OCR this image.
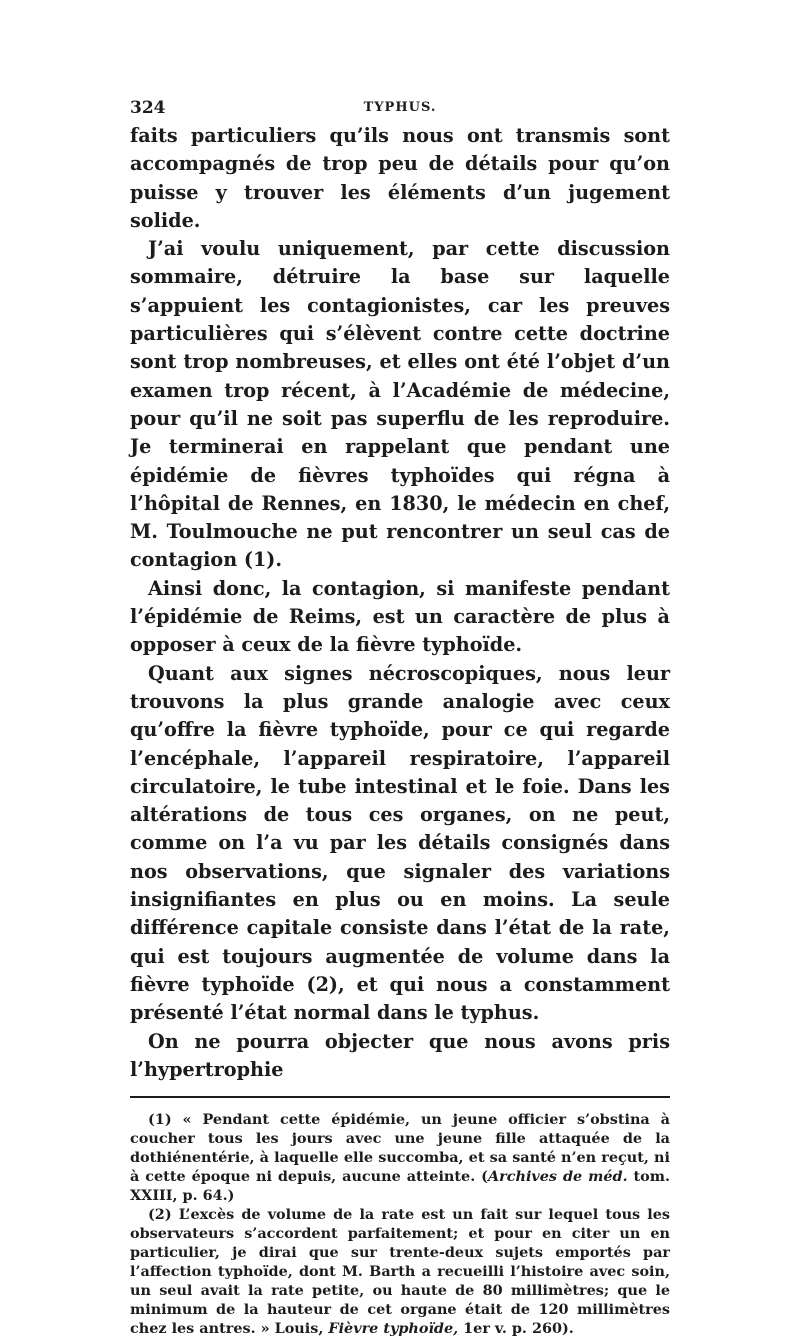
324	TYPHUS.

faits particuliers qu’ils nous ont transmis sont accompagnés de trop peu de détails pour qu’on puisse y trouver les éléments d’un jugement solide.

J’ai voulu uniquement, par cette discussion sommaire, détruire la base sur laquelle s’appuient les contagionistes, car les preuves particulières qui s’élèvent contre cette doctrine sont trop nombreuses, et elles ont été l’objet d’un examen trop récent, à l’Académie de médecine, pour qu’il ne soit pas superflu de les reproduire. Je terminerai en rappelant que pendant une épidémie de fièvres typhoïdes qui régna à l’hôpital de Rennes, en 1830, le médecin en chef, M. Toulmouche ne put rencontrer un seul cas de contagion (1).

Ainsi donc, la contagion, si manifeste pendant l’épidémie de Reims, est un caractère de plus à opposer à ceux de la fièvre typhoïde.

Quant aux signes nécroscopiques, nous leur trouvons la plus grande analogie avec ceux qu’offre la fièvre typhoïde, pour ce qui regarde l’encéphale, l’appareil respiratoire, l’appareil circulatoire, le tube intestinal et le foie. Dans les altérations de tous ces organes, on ne peut, comme on l’a vu par les détails consignés dans nos observations, que signaler des variations insignifiantes en plus ou en moins. La seule différence capitale consiste dans l’état de la rate, qui est toujours augmentée de volume dans la fièvre typhoïde (2), et qui nous a constamment présenté l’état normal dans le typhus.

On ne pourra objecter que nous avons pris l’hypertrophie

(1) « Pendant cette épidémie, un jeune officier s’obstina à coucher tous les jours avec une jeune fille attaquée de la dothiénentérie, à laquelle elle succomba, et sa santé n’en reçut, ni à cette époque ni depuis, aucune atteinte. (Archives de méd. tom. XXIII, p. 64.)

(2) L’excès de volume de la rate est un fait sur lequel tous les observateurs s’accordent parfaitement; et pour en citer un en particulier, je dirai que sur trente-deux sujets emportés par l’affection typhoïde, dont M. Barth a recueilli l’histoire avec soin, un seul avait la rate petite, ou haute de 80 millimètres; que le minimum de la hauteur de cet organe était de 120 millimètres chez les antres. » Louis, Fièvre typhoïde, 1er v. p. 260).
